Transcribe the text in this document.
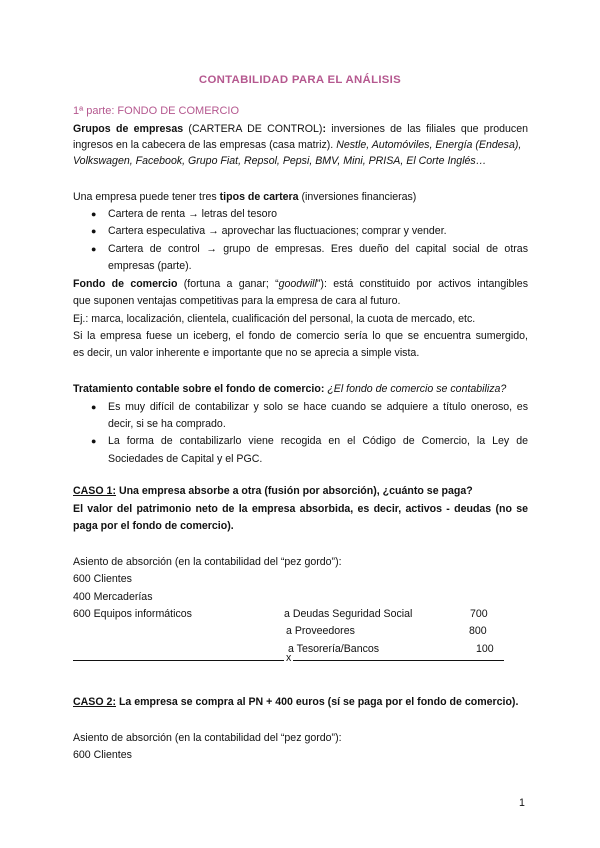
CONTABILIDAD PARA EL ANÁLISIS
1ª parte: FONDO DE COMERCIO
Grupos de empresas (CARTERA DE CONTROL): inversiones de las filiales que producen
ingresos en la cabecera de las empresas (casa matriz). Nestle, Automóviles, Energía (Endesa),
Volkswagen, Facebook, Grupo Fiat, Repsol, Pepsi, BMV, Mini, PRISA, El Corte Inglés…
Una empresa puede tener tres tipos de cartera (inversiones financieras)
● Cartera de renta → letras del tesoro
● Cartera especulativa → aprovechar las fluctuaciones; comprar y vender.
● Cartera de control → grupo de empresas. Eres dueño del capital social de otras
empresas (parte).
Fondo de comercio (fortuna a ganar; “goodwill”): está constituido por activos intangibles
que suponen ventajas competitivas para la empresa de cara al futuro.
Ej.: marca, localización, clientela, cualificación del personal, la cuota de mercado, etc.
Si la empresa fuese un iceberg, el fondo de comercio sería lo que se encuentra sumergido,
es decir, un valor inherente e importante que no se aprecia a simple vista.
Tratamiento contable sobre el fondo de comercio: ¿El fondo de comercio se contabiliza?
● Es muy difícil de contabilizar y solo se hace cuando se adquiere a título oneroso, es
decir, si se ha comprado.
● La forma de contabilizarlo viene recogida en el Código de Comercio, la Ley de
Sociedades de Capital y el PGC.
CASO 1: Una empresa absorbe a otra (fusión por absorción), ¿cuánto se paga?
El valor del patrimonio neto de la empresa absorbida, es decir, activos - deudas (no se
paga por el fondo de comercio).
Asiento de absorción (en la contabilidad del “pez gordo”):
600 Clientes
400 Mercaderías
600 Equipos informáticos	a Deudas Seguridad Social	700
a Proveedores	800
a Tesorería/Bancos	100
x
CASO 2: La empresa se compra al PN + 400 euros (sí se paga por el fondo de comercio).
Asiento de absorción (en la contabilidad del “pez gordo”):
600 Clientes
1
